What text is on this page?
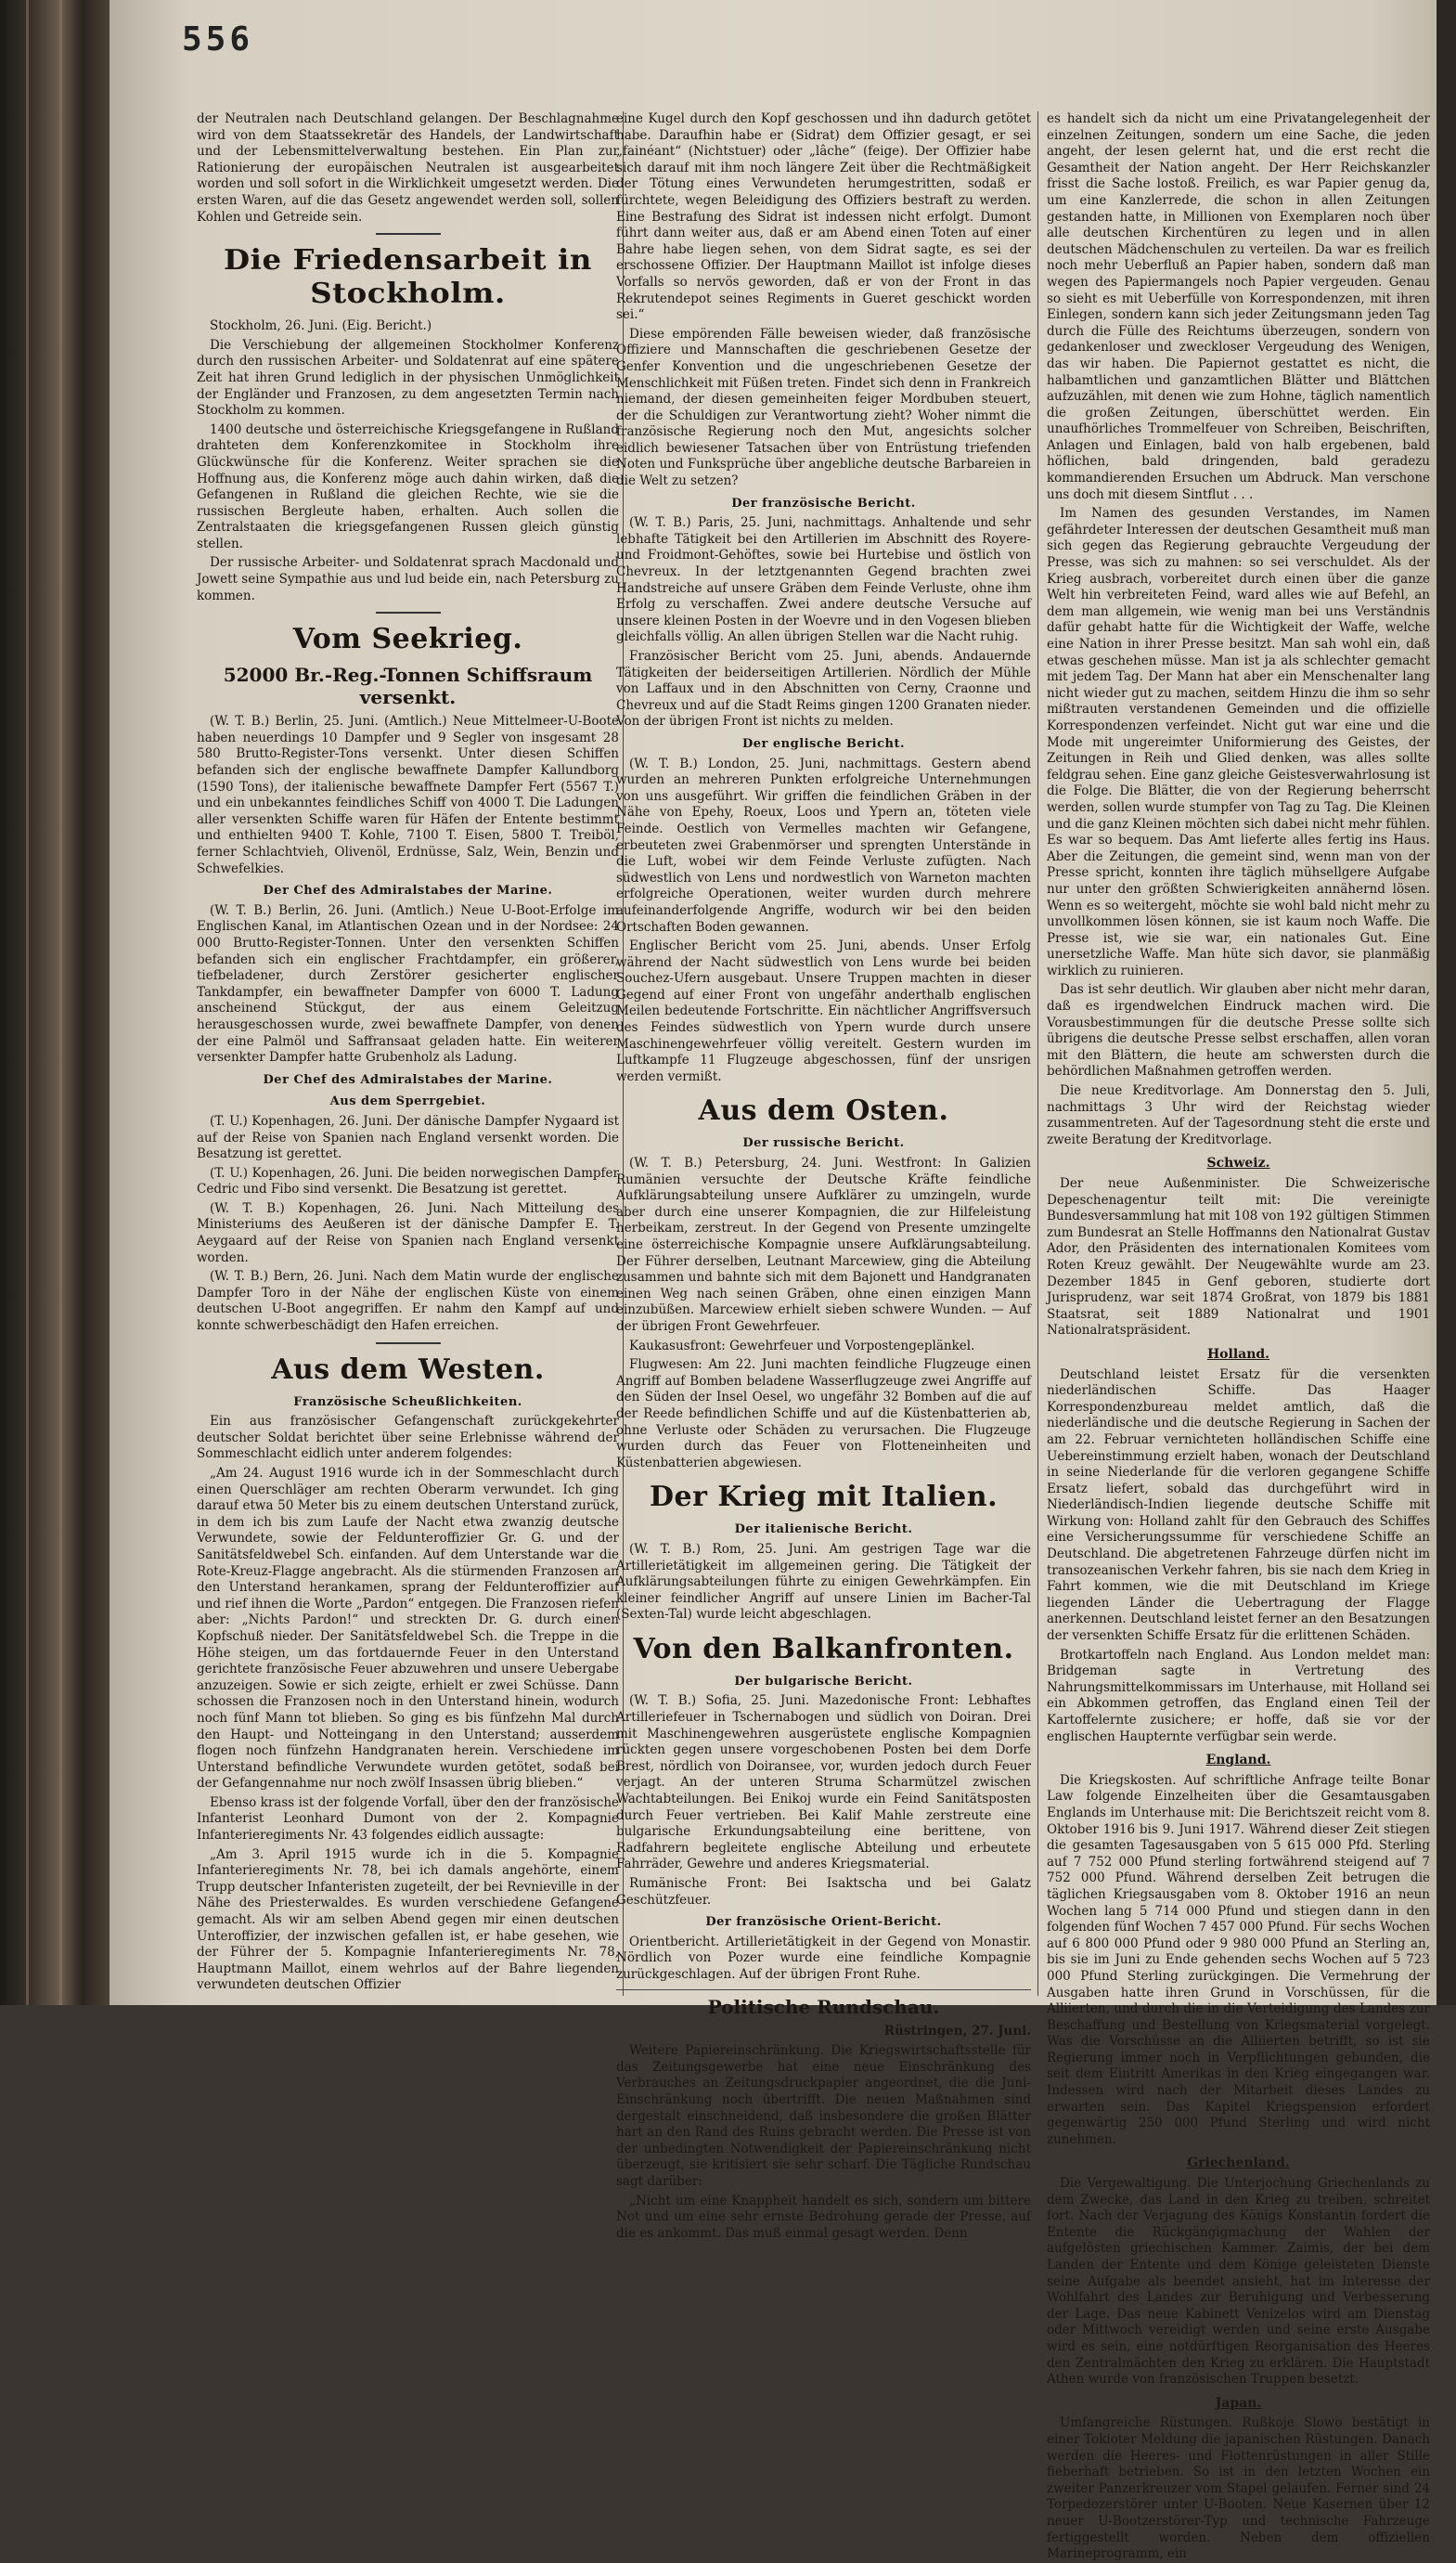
556

der Neutralen nach Deutschland gelangen. Der Beschlagnahme wird von dem Staatssekretär des Handels, der Landwirtschaft und der Lebensmittelverwaltung bestehen. Ein Plan zur Rationierung der europäischen Neutralen ist ausgearbeitet worden und soll sofort in die Wirklichkeit umgesetzt werden. Die ersten Waren, auf die das Gesetz angewendet werden soll, sollen Kohlen und Getreide sein.

Die Friedensarbeit in Stockholm.

Stockholm, 26. Juni. (Eig. Bericht.)

Die Verschiebung der allgemeinen Stockholmer Konferenz durch den russischen Arbeiter- und Soldatenrat auf eine spätere Zeit hat ihren Grund lediglich in der physischen Unmöglichkeit der Engländer und Franzosen, zu dem angesetzten Termin nach Stockholm zu kommen.

1400 deutsche und österreichische Kriegsgefangene in Rußland drahteten dem Konferenzkomitee in Stockholm ihre Glückwünsche für die Konferenz. Weiter sprachen sie die Hoffnung aus, die Konferenz möge auch dahin wirken, daß die Gefangenen in Rußland die gleichen Rechte, wie sie die russischen Bergleute haben, erhalten. Auch sollen die Zentralstaaten die kriegsgefangenen Russen gleich günstig stellen.

Der russische Arbeiter- und Soldatenrat sprach Macdonald und Jowett seine Sympathie aus und lud beide ein, nach Petersburg zu kommen.

Vom Seekrieg.
52000 Br.-Reg.-Tonnen Schiffsraum versenkt.

(W. T. B.) Berlin, 25. Juni. (Amtlich.) Neue Mittelmeer-U-Boote haben neuerdings 10 Dampfer und 9 Segler von insgesamt 28 580 Brutto-Register-Tons versenkt. Unter diesen Schiffen befanden sich der englische bewaffnete Dampfer Kallundborg (1590 Tons), der italienische bewaffnete Dampfer Fert (5567 T.) und ein unbekanntes feindliches Schiff von 4000 T. Die Ladungen aller versenkten Schiffe waren für Häfen der Entente bestimmt und enthielten 9400 T. Kohle, 7100 T. Eisen, 5800 T. Treiböl, ferner Schlachtvieh, Olivenöl, Erdnüsse, Salz, Wein, Benzin und Schwefelkies.

Der Chef des Admiralstabes der Marine.

(W. T. B.) Berlin, 26. Juni. (Amtlich.) Neue U-Boot-Erfolge im Englischen Kanal, im Atlantischen Ozean und in der Nordsee: 24 000 Brutto-Register-Tonnen. Unter den versenkten Schiffen befanden sich ein englischer Frachtdampfer, ein größerer, tiefbeladener, durch Zerstörer gesicherter englischer Tankdampfer, ein bewaffneter Dampfer von 6000 T. Ladung anscheinend Stückgut, der aus einem Geleitzug herausgeschossen wurde, zwei bewaffnete Dampfer, von denen der eine Palmöl und Saffransaat geladen hatte. Ein weiterer versenkter Dampfer hatte Grubenholz als Ladung.

Der Chef des Admiralstabes der Marine.
Aus dem Sperrgebiet.

(T. U.) Kopenhagen, 26. Juni. Der dänische Dampfer Nygaard ist auf der Reise von Spanien nach England versenkt worden. Die Besatzung ist gerettet.

(T. U.) Kopenhagen, 26. Juni. Die beiden norwegischen Dampfer Cedric und Fibo sind versenkt. Die Besatzung ist gerettet.

(W. T. B.) Kopenhagen, 26. Juni. Nach Mitteilung des Ministeriums des Aeußeren ist der dänische Dampfer E. T. Aeygaard auf der Reise von Spanien nach England versenkt worden.

(W. T. B.) Bern, 26. Juni. Nach dem Matin wurde der englische Dampfer Toro in der Nähe der englischen Küste von einem deutschen U-Boot angegriffen. Er nahm den Kampf auf und konnte schwerbeschädigt den Hafen erreichen.

Aus dem Westen.
Französische Scheußlichkeiten.

Ein aus französischer Gefangenschaft zurückgekehrter deutscher Soldat berichtet über seine Erlebnisse während der Sommeschlacht eidlich unter anderem folgendes:

„Am 24. August 1916 wurde ich in der Sommeschlacht durch einen Querschläger am rechten Oberarm verwundet. Ich ging darauf etwa 50 Meter bis zu einem deutschen Unterstand zurück, in dem ich bis zum Laufe der Nacht etwa zwanzig deutsche Verwundete, sowie der Feldunteroffizier Gr. G. und der Sanitätsfeldwebel Sch. einfanden. Auf dem Unterstande war die Rote-Kreuz-Flagge angebracht. Als die stürmenden Franzosen an den Unterstand herankamen, sprang der Feldunteroffizier auf und rief ihnen die Worte „Pardon“ entgegen. Die Franzosen riefen aber: „Nichts Pardon!“ und streckten Dr. G. durch einen Kopfschuß nieder. Der Sanitätsfeldwebel Sch. die Treppe in die Höhe steigen, um das fortdauernde Feuer in den Unterstand gerichtete französische Feuer abzuwehren und unsere Uebergabe anzuzeigen. Sowie er sich zeigte, erhielt er zwei Schüsse. Dann schossen die Franzosen noch in den Unterstand hinein, wodurch noch fünf Mann tot blieben. So ging es bis fünfzehn Mal durch den Haupt- und Notteingang in den Unterstand; ausserdem flogen noch fünfzehn Handgranaten herein. Verschiedene im Unterstand befindliche Verwundete wurden getötet, sodaß bei der Gefangennahme nur noch zwölf Insassen übrig blieben.“

Ebenso krass ist der folgende Vorfall, über den der französische Infanterist Leonhard Dumont von der 2. Kompagnie Infanterieregiments Nr. 43 folgendes eidlich aussagte:

„Am 3. April 1915 wurde ich in die 5. Kompagnie Infanterieregiments Nr. 78, bei ich damals angehörte, einem Trupp deutscher Infanteristen zugeteilt, der bei Revnieville in der Nähe des Priesterwaldes. Es wurden verschiedene Gefangene gemacht. Als wir am selben Abend gegen mir einen deutschen Unteroffizier, der inzwischen gefallen ist, er habe gesehen, wie der Führer der 5. Kompagnie Infanterieregiments Nr. 78, Hauptmann Maillot, einem wehrlos auf der Bahre liegenden verwundeten deutschen Offizier

eine Kugel durch den Kopf geschossen und ihn dadurch getötet habe. Daraufhin habe er (Sidrat) dem Offizier gesagt, er sei „fainéant“ (Nichtstuer) oder „lâche“ (feige). Der Offizier habe sich darauf mit ihm noch längere Zeit über die Rechtmäßigkeit der Tötung eines Verwundeten herumgestritten, sodaß er fürchtete, wegen Beleidigung des Offiziers bestraft zu werden. Eine Bestrafung des Sidrat ist indessen nicht erfolgt. Dumont führt dann weiter aus, daß er am Abend einen Toten auf einer Bahre habe liegen sehen, von dem Sidrat sagte, es sei der erschossene Offizier. Der Hauptmann Maillot ist infolge dieses Vorfalls so nervös geworden, daß er von der Front in das Rekrutendepot seines Regiments in Gueret geschickt worden sei.“

Diese empörenden Fälle beweisen wieder, daß französische Offiziere und Mannschaften die geschriebenen Gesetze der Genfer Konvention und die ungeschriebenen Gesetze der Menschlichkeit mit Füßen treten. Findet sich denn in Frankreich niemand, der diesen gemeinheiten feiger Mordbuben steuert, der die Schuldigen zur Verantwortung zieht? Woher nimmt die französische Regierung noch den Mut, angesichts solcher eidlich bewiesener Tatsachen über von Entrüstung triefenden Noten und Funksprüche über angebliche deutsche Barbareien in die Welt zu setzen?

Der französische Bericht.

(W. T. B.) Paris, 25. Juni, nachmittags. Anhaltende und sehr lebhafte Tätigkeit bei den Artillerien im Abschnitt des Royere- und Froidmont-Gehöftes, sowie bei Hurtebise und östlich von Chevreux. In der letztgenannten Gegend brachten zwei Handstreiche auf unsere Gräben dem Feinde Verluste, ohne ihm Erfolg zu verschaffen. Zwei andere deutsche Versuche auf unsere kleinen Posten in der Woevre und in den Vogesen blieben gleichfalls völlig. An allen übrigen Stellen war die Nacht ruhig.

Französischer Bericht vom 25. Juni, abends. Andauernde Tätigkeiten der beiderseitigen Artillerien. Nördlich der Mühle von Laffaux und in den Abschnitten von Cerny, Craonne und Chevreux und auf die Stadt Reims gingen 1200 Granaten nieder. Von der übrigen Front ist nichts zu melden.

Der englische Bericht.

(W. T. B.) London, 25. Juni, nachmittags. Gestern abend wurden an mehreren Punkten erfolgreiche Unternehmungen von uns ausgeführt. Wir griffen die feindlichen Gräben in der Nähe von Epehy, Roeux, Loos und Ypern an, töteten viele Feinde. Oestlich von Vermelles machten wir Gefangene, erbeuteten zwei Grabenmörser und sprengten Unterstände in die Luft, wobei wir dem Feinde Verluste zufügten. Nach südwestlich von Lens und nordwestlich von Warneton machten erfolgreiche Operationen, weiter wurden durch mehrere aufeinanderfolgende Angriffe, wodurch wir bei den beiden Ortschaften Boden gewannen.

Englischer Bericht vom 25. Juni, abends. Unser Erfolg während der Nacht südwestlich von Lens wurde bei beiden Souchez-Ufern ausgebaut. Unsere Truppen machten in dieser Gegend auf einer Front von ungefähr anderthalb englischen Meilen bedeutende Fortschritte. Ein nächtlicher Angriffsversuch des Feindes südwestlich von Ypern wurde durch unsere Maschinengewehrfeuer völlig vereitelt. Gestern wurden im Luftkampfe 11 Flugzeuge abgeschossen, fünf der unsrigen werden vermißt.

Aus dem Osten.
Der russische Bericht.

(W. T. B.) Petersburg, 24. Juni. Westfront: In Galizien Rumänien versuchte der Deutsche Kräfte feindliche Aufklärungsabteilung unsere Aufklärer zu umzingeln, wurde aber durch eine unserer Kompagnien, die zur Hilfeleistung herbeikam, zerstreut. In der Gegend von Presente umzingelte eine österreichische Kompagnie unsere Aufklärungsabteilung. Der Führer derselben, Leutnant Marcewiew, ging die Abteilung zusammen und bahnte sich mit dem Bajonett und Handgranaten einen Weg nach seinen Gräben, ohne einen einzigen Mann einzubüßen. Marcewiew erhielt sieben schwere Wunden. — Auf der übrigen Front Gewehrfeuer.

Kaukasusfront: Gewehrfeuer und Vorpostengeplänkel.

Flugwesen: Am 22. Juni machten feindliche Flugzeuge einen Angriff auf Bomben beladene Wasserflugzeuge zwei Angriffe auf den Süden der Insel Oesel, wo ungefähr 32 Bomben auf die auf der Reede befindlichen Schiffe und auf die Küstenbatterien ab, ohne Verluste oder Schäden zu verursachen. Die Flugzeuge wurden durch das Feuer von Flotteneinheiten und Küstenbatterien abgewiesen.

Der Krieg mit Italien.
Der italienische Bericht.

(W. T. B.) Rom, 25. Juni. Am gestrigen Tage war die Artillerietätigkeit im allgemeinen gering. Die Tätigkeit der Aufklärungsabteilungen führte zu einigen Gewehrkämpfen. Ein kleiner feindlicher Angriff auf unsere Linien im Bacher-Tal (Sexten-Tal) wurde leicht abgeschlagen.

Von den Balkanfronten.
Der bulgarische Bericht.

(W. T. B.) Sofia, 25. Juni. Mazedonische Front: Lebhaftes Artilleriefeuer in Tschernabogen und südlich von Doiran. Drei mit Maschinengewehren ausgerüstete englische Kompagnien rückten gegen unsere vorgeschobenen Posten bei dem Dorfe Brest, nördlich von Doiransee, vor, wurden jedoch durch Feuer verjagt. An der unteren Struma Scharmützel zwischen Wachtabteilungen. Bei Enikoj wurde ein Feind Sanitätsposten durch Feuer vertrieben. Bei Kalif Mahle zerstreute eine bulgarische Erkundungsabteilung eine berittene, von Radfahrern begleitete englische Abteilung und erbeutete Fahrräder, Gewehre und anderes Kriegsmaterial.

Rumänische Front: Bei Isaktscha und bei Galatz Geschützfeuer.

Der französische Orient-Bericht.

Orientbericht. Artillerietätigkeit in der Gegend von Monastir. Nördlich von Pozer wurde eine feindliche Kompagnie zurückgeschlagen. Auf der übrigen Front Ruhe.

Politische Rundschau.
Rüstringen, 27. Juni.

Weitere Papiereinschränkung. Die Kriegswirtschaftsstelle für das Zeitungsgewerbe hat eine neue Einschränkung des Verbrauches an Zeitungsdruckpapier angeordnet, die die Juni-Einschränkung noch übertrifft. Die neuen Maßnahmen sind dergestalt einschneidend, daß insbesondere die großen Blätter hart an den Rand des Ruins gebracht werden. Die Presse ist von der unbedingten Notwendigkeit der Papiereinschränkung nicht überzeugt, sie kritisiert sie sehr scharf. Die Tägliche Rundschau sagt darüber:

„Nicht um eine Knappheit handelt es sich, sondern um bittere Not und um eine sehr ernste Bedrohung gerade der Presse, auf die es ankommt. Das muß einmal gesagt werden. Denn

es handelt sich da nicht um eine Privatangelegenheit der einzelnen Zeitungen, sondern um eine Sache, die jeden angeht, der lesen gelernt hat, und die erst recht die Gesamtheit der Nation angeht. Der Herr Reichskanzler frisst die Sache lostoß. Freilich, es war Papier genug da, um eine Kanzlerrede, die schon in allen Zeitungen gestanden hatte, in Millionen von Exemplaren noch über alle deutschen Kirchentüren zu legen und in allen deutschen Mädchenschulen zu verteilen. Da war es freilich noch mehr Ueberfluß an Papier haben, sondern daß man wegen des Papiermangels noch Papier vergeuden. Genau so sieht es mit Ueberfülle von Korrespondenzen, mit ihren Einlegen, sondern kann sich jeder Zeitungsmann jeden Tag durch die Fülle des Reichtums überzeugen, sondern von gedankenloser und zweckloser Vergeudung des Wenigen, das wir haben. Die Papiernot gestattet es nicht, die halbamtlichen und ganzamtlichen Blätter und Blättchen aufzuzählen, mit denen wie zum Hohne, täglich namentlich die großen Zeitungen, überschüttet werden. Ein unaufhörliches Trommelfeuer von Schreiben, Beischriften, Anlagen und Einlagen, bald von halb ergebenen, bald höflichen, bald dringenden, bald geradezu kommandierenden Ersuchen um Abdruck. Man verschone uns doch mit diesem Sintflut . . .

Im Namen des gesunden Verstandes, im Namen gefährdeter Interessen der deutschen Gesamtheit muß man sich gegen das Regierung gebrauchte Vergeudung der Presse, was sich zu mahnen: so sei verschuldet. Als der Krieg ausbrach, vorbereitet durch einen über die ganze Welt hin verbreiteten Feind, ward alles wie auf Befehl, an dem man allgemein, wie wenig man bei uns Verständnis dafür gehabt hatte für die Wichtigkeit der Waffe, welche eine Nation in ihrer Presse besitzt. Man sah wohl ein, daß etwas geschehen müsse. Man ist ja als schlechter gemacht mit jedem Tag. Der Mann hat aber ein Menschenalter lang nicht wieder gut zu machen, seitdem Hinzu die ihm so sehr mißtrauten verstandenen Gemeinden und die offizielle Korrespondenzen verfeindet. Nicht gut war eine und die Mode mit ungereimter Uniformierung des Geistes, der Zeitungen in Reih und Glied denken, was alles sollte feldgrau sehen. Eine ganz gleiche Geistesverwahrlosung ist die Folge. Die Blätter, die von der Regierung beherrscht werden, sollen wurde stumpfer von Tag zu Tag. Die Kleinen und die ganz Kleinen möchten sich dabei nicht mehr fühlen. Es war so bequem. Das Amt lieferte alles fertig ins Haus. Aber die Zeitungen, die gemeint sind, wenn man von der Presse spricht, konnten ihre täglich mühsellgere Aufgabe nur unter den größten Schwierigkeiten annähernd lösen. Wenn es so weitergeht, möchte sie wohl bald nicht mehr zu unvollkommen lösen können, sie ist kaum noch Waffe. Die Presse ist, wie sie war, ein nationales Gut. Eine unersetzliche Waffe. Man hüte sich davor, sie planmäßig wirklich zu ruinieren.

Das ist sehr deutlich. Wir glauben aber nicht mehr daran, daß es irgendwelchen Eindruck machen wird. Die Vorausbestimmungen für die deutsche Presse sollte sich übrigens die deutsche Presse selbst erschaffen, allen voran mit den Blättern, die heute am schwersten durch die behördlichen Maßnahmen getroffen werden.

Die neue Kreditvorlage. Am Donnerstag den 5. Juli, nachmittags 3 Uhr wird der Reichstag wieder zusammentreten. Auf der Tagesordnung steht die erste und zweite Beratung der Kreditvorlage.

Schweiz.

Der neue Außenminister. Die Schweizerische Depeschenagentur teilt mit: Die vereinigte Bundesversammlung hat mit 108 von 192 gültigen Stimmen zum Bundesrat an Stelle Hoffmanns den Nationalrat Gustav Ador, den Präsidenten des internationalen Komitees vom Roten Kreuz gewählt. Der Neugewählte wurde am 23. Dezember 1845 in Genf geboren, studierte dort Jurisprudenz, war seit 1874 Großrat, von 1879 bis 1881 Staatsrat, seit 1889 Nationalrat und 1901 Nationalratspräsident.

Holland.

Deutschland leistet Ersatz für die versenkten niederländischen Schiffe. Das Haager Korrespondenzbureau meldet amtlich, daß die niederländische und die deutsche Regierung in Sachen der am 22. Februar vernichteten holländischen Schiffe eine Uebereinstimmung erzielt haben, wonach der Deutschland in seine Niederlande für die verloren gegangene Schiffe Ersatz liefert, sobald das durchgeführt wird in Niederländisch-Indien liegende deutsche Schiffe mit Wirkung von: Holland zahlt für den Gebrauch des Schiffes eine Versicherungssumme für verschiedene Schiffe an Deutschland. Die abgetretenen Fahrzeuge dürfen nicht im transozeanischen Verkehr fahren, bis sie nach dem Krieg in Fahrt kommen, wie die mit Deutschland im Kriege liegenden Länder die Uebertragung der Flagge anerkennen. Deutschland leistet ferner an den Besatzungen der versenkten Schiffe Ersatz für die erlittenen Schäden.

Brotkartoffeln nach England. Aus London meldet man: Bridgeman sagte in Vertretung des Nahrungsmittelkommissars im Unterhause, mit Holland sei ein Abkommen getroffen, das England einen Teil der Kartoffelernte zusichere; er hoffe, daß sie vor der englischen Haupternte verfügbar sein werde.

England.

Die Kriegskosten. Auf schriftliche Anfrage teilte Bonar Law folgende Einzelheiten über die Gesamtausgaben Englands im Unterhause mit: Die Berichtszeit reicht vom 8. Oktober 1916 bis 9. Juni 1917. Während dieser Zeit stiegen die gesamten Tagesausgaben von 5 615 000 Pfd. Sterling auf 7 752 000 Pfund sterling fortwährend steigend auf 7 752 000 Pfund. Während derselben Zeit betrugen die täglichen Kriegsausgaben vom 8. Oktober 1916 an neun Wochen lang 5 714 000 Pfund und stiegen dann in den folgenden fünf Wochen 7 457 000 Pfund. Für sechs Wochen auf 6 800 000 Pfund oder 9 980 000 Pfund an Sterling an, bis sie im Juni zu Ende gehenden sechs Wochen auf 5 723 000 Pfund Sterling zurückgingen. Die Vermehrung der Ausgaben hatte ihren Grund in Vorschüssen, für die Alliierten, und durch die in die Verteidigung des Landes zur Beschaffung und Bestellung von Kriegsmaterial vorgelegt. Was die Vorschüsse an die Alliierten betrifft, so ist sie Regierung immer noch in Verpflichtungen gebunden, die seit dem Eintritt Amerikas in den Krieg eingegangen war. Indessen wird nach der Mitarbeit dieses Landes zu erwarten sein. Das Kapitel Kriegspension erfordert gegenwärtig 250 000 Pfund Sterling und wird nicht zunehmen.

Griechenland.

Die Vergewaltigung. Die Unterjochung Griechenlands zu dem Zwecke, das Land in den Krieg zu treiben, schreitet fort. Nach der Verjagung des Königs Konstantin fordert die Entente die Rückgängigmachung der Wahlen der aufgelösten griechischen Kammer. Zaimis, der bei dem Landen der Entente und dem Könige geleisteten Dienste seine Aufgabe als beendet ansieht, hat im Interesse der Wohlfahrt des Landes zur Beruhigung und Verbesserung der Lage. Das neue Kabinett Venizelos wird am Dienstag oder Mittwoch vereidigt werden und seine erste Ausgabe wird es sein, eine notdürftigen Reorganisation des Heeres den Zentralmächten den Krieg zu erklären. Die Hauptstadt Athen wurde von französischen Truppen besetzt.

Japan.

Umfangreiche Rüstungen. Rußkoje Slowo bestätigt in einer Tokioter Meldung die japanischen Rüstungen. Danach werden die Heeres- und Flottenrüstungen in aller Stille fieberhaft betrieben. So ist in den letzten Wochen ein zweiter Panzerkreuzer vom Stapel gelaufen. Ferner sind 24 Torpedozerstörer unter U-Booten. Neue Kasernen über 12 neuer U-Bootzerstörer-Typ und technische Fahrzeuge fertiggestellt worden. Neben dem offiziellen Marineprogramm, ein
